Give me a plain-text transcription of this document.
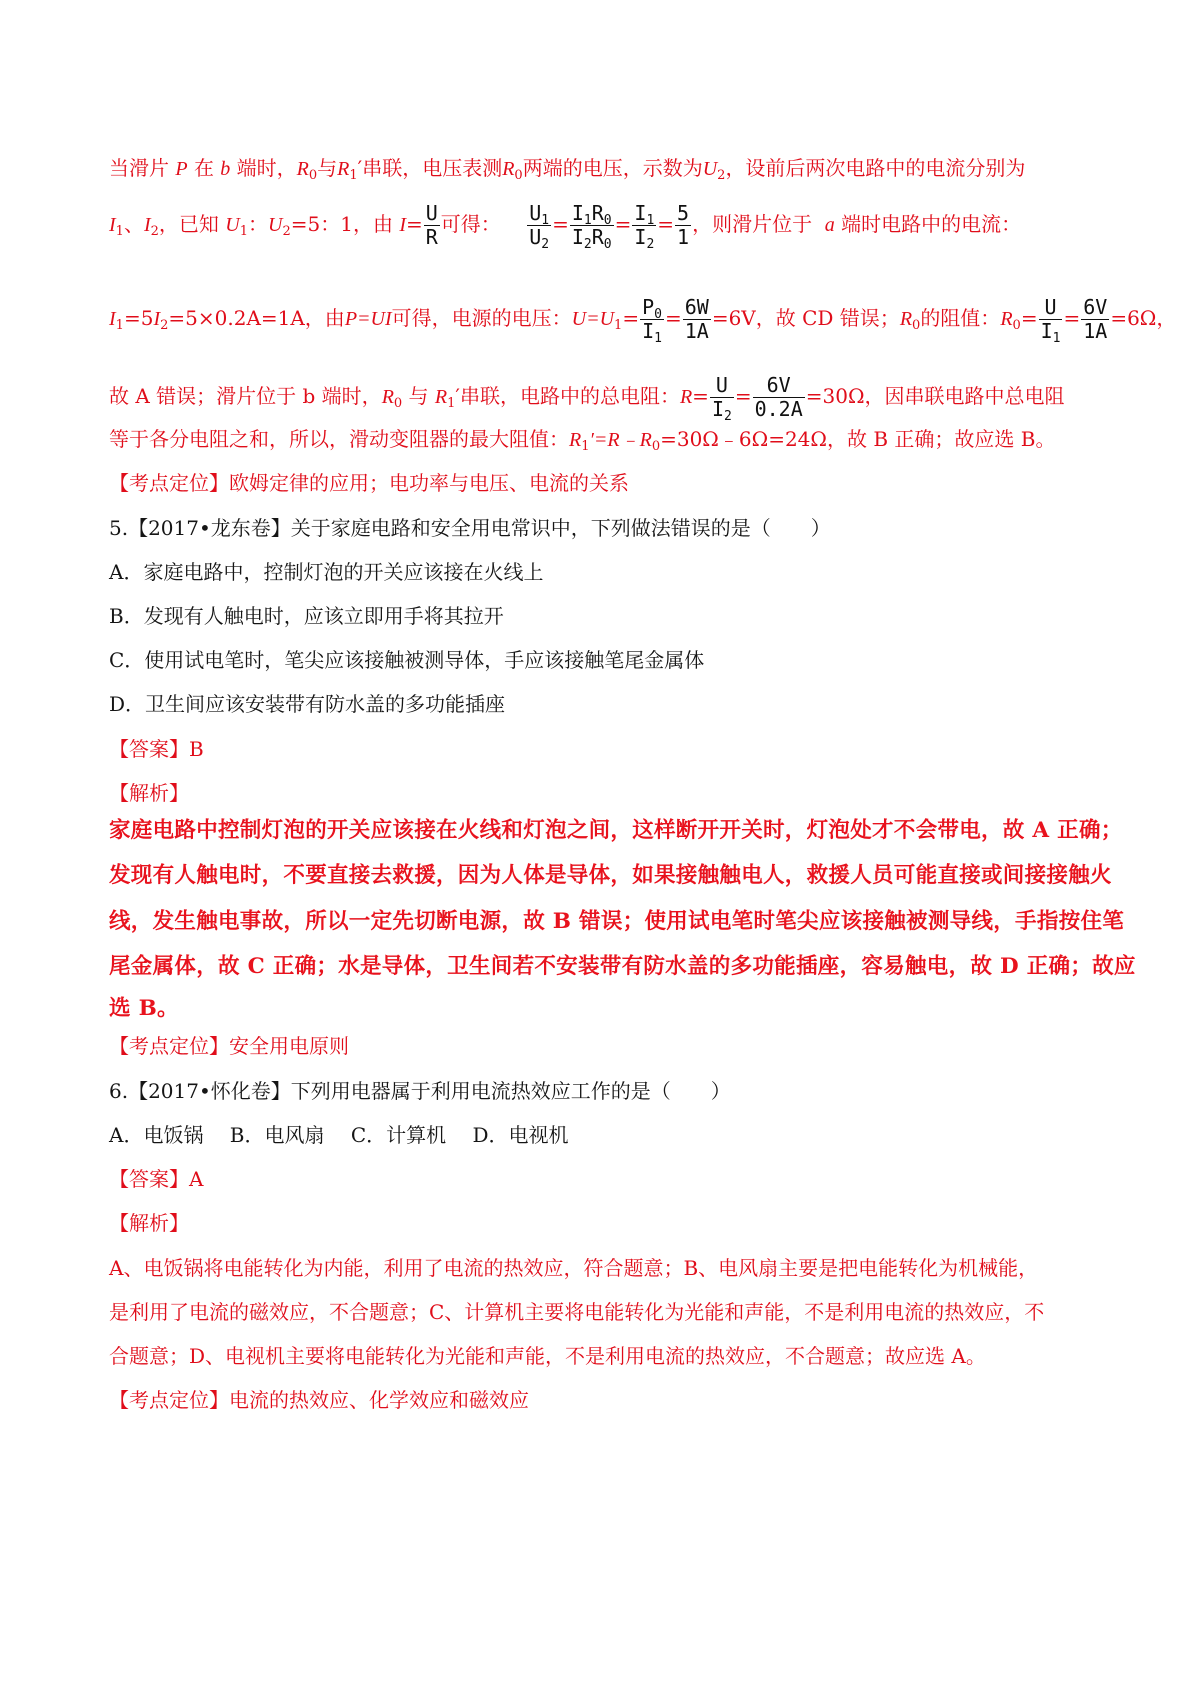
当滑片 P 在 b 端时，$R_0$与$R_1'$串联，电压表测$R_0$两端的电压，示数为$U_2$，设前后两次电路中的电流分别为
$I_1$、$I_2$，已知 $U_1$：$U_2=5$：1，由 $I= \frac{U}{R}$ 可得： $\frac{U_1}{U_2} = \frac{I_1R_0}{I_2R_0} = \frac{I_1}{I_2} = \frac{5}{1}$ ，则滑片位于 a 端时电路中的电流：
$I_1=5I_2=5\times 0.2A=1A$，由P=UI可得，电源的电压：$U=U_1= \frac{P_0}{I_1} = \frac{6W}{1A} =6V$，故 CD 错误；$R_0$的阻值：$R_0= \frac{U}{I_1} = \frac{6V}{1A} =6\Omega$，
故 A 错误；滑片位于 b 端时，$R_0$ 与 $R_1'$串联，电路中的总电阻：$R= \frac{U}{I_2} = \frac{6V}{0.2A} =30\Omega$，因串联电路中总电阻
等于各分电阻之和，所以，滑动变阻器的最大阻值：$R_1'=R﹣R_0=30\Omega﹣6\Omega=24\Omega$，故 B 正确；故应选 B。
【考点定位】欧姆定律的应用；电功率与电压、电流的关系
5.【2017•龙东卷】关于家庭电路和安全用电常识中，下列做法错误的是（　　）
A．家庭电路中，控制灯泡的开关应该接在火线上
B．发现有人触电时，应该立即用手将其拉开
C．使用试电笔时，笔尖应该接触被测导体，手应该接触笔尾金属体
D．卫生间应该安装带有防水盖的多功能插座
【答案】B
【解析】
家庭电路中控制灯泡的开关应该接在火线和灯泡之间，这样断开开关时，灯泡处才不会带电，故 A 正确；
发现有人触电时，不要直接去救援，因为人体是导体，如果接触触电人，救援人员可能直接或间接接触火
线，发生触电事故，所以一定先切断电源，故 B 错误；使用试电笔时笔尖应该接触被测导线，手指按住笔
尾金属体，故 C 正确；水是导体，卫生间若不安装带有防水盖的多功能插座，容易触电，故 D 正确；故应
选 B。
【考点定位】安全用电原则
6.【2017•怀化卷】下列用电器属于利用电流热效应工作的是（　　）
A．电饭锅　 B．电风扇　 C．计算机　 D．电视机
【答案】A
【解析】
A、电饭锅将电能转化为内能，利用了电流的热效应，符合题意；B、电风扇主要是把电能转化为机械能，
是利用了电流的磁效应，不合题意；C、计算机主要将电能转化为光能和声能，不是利用电流的热效应，不
合题意；D、电视机主要将电能转化为光能和声能，不是利用电流的热效应，不合题意；故应选 A。
【考点定位】电流的热效应、化学效应和磁效应
